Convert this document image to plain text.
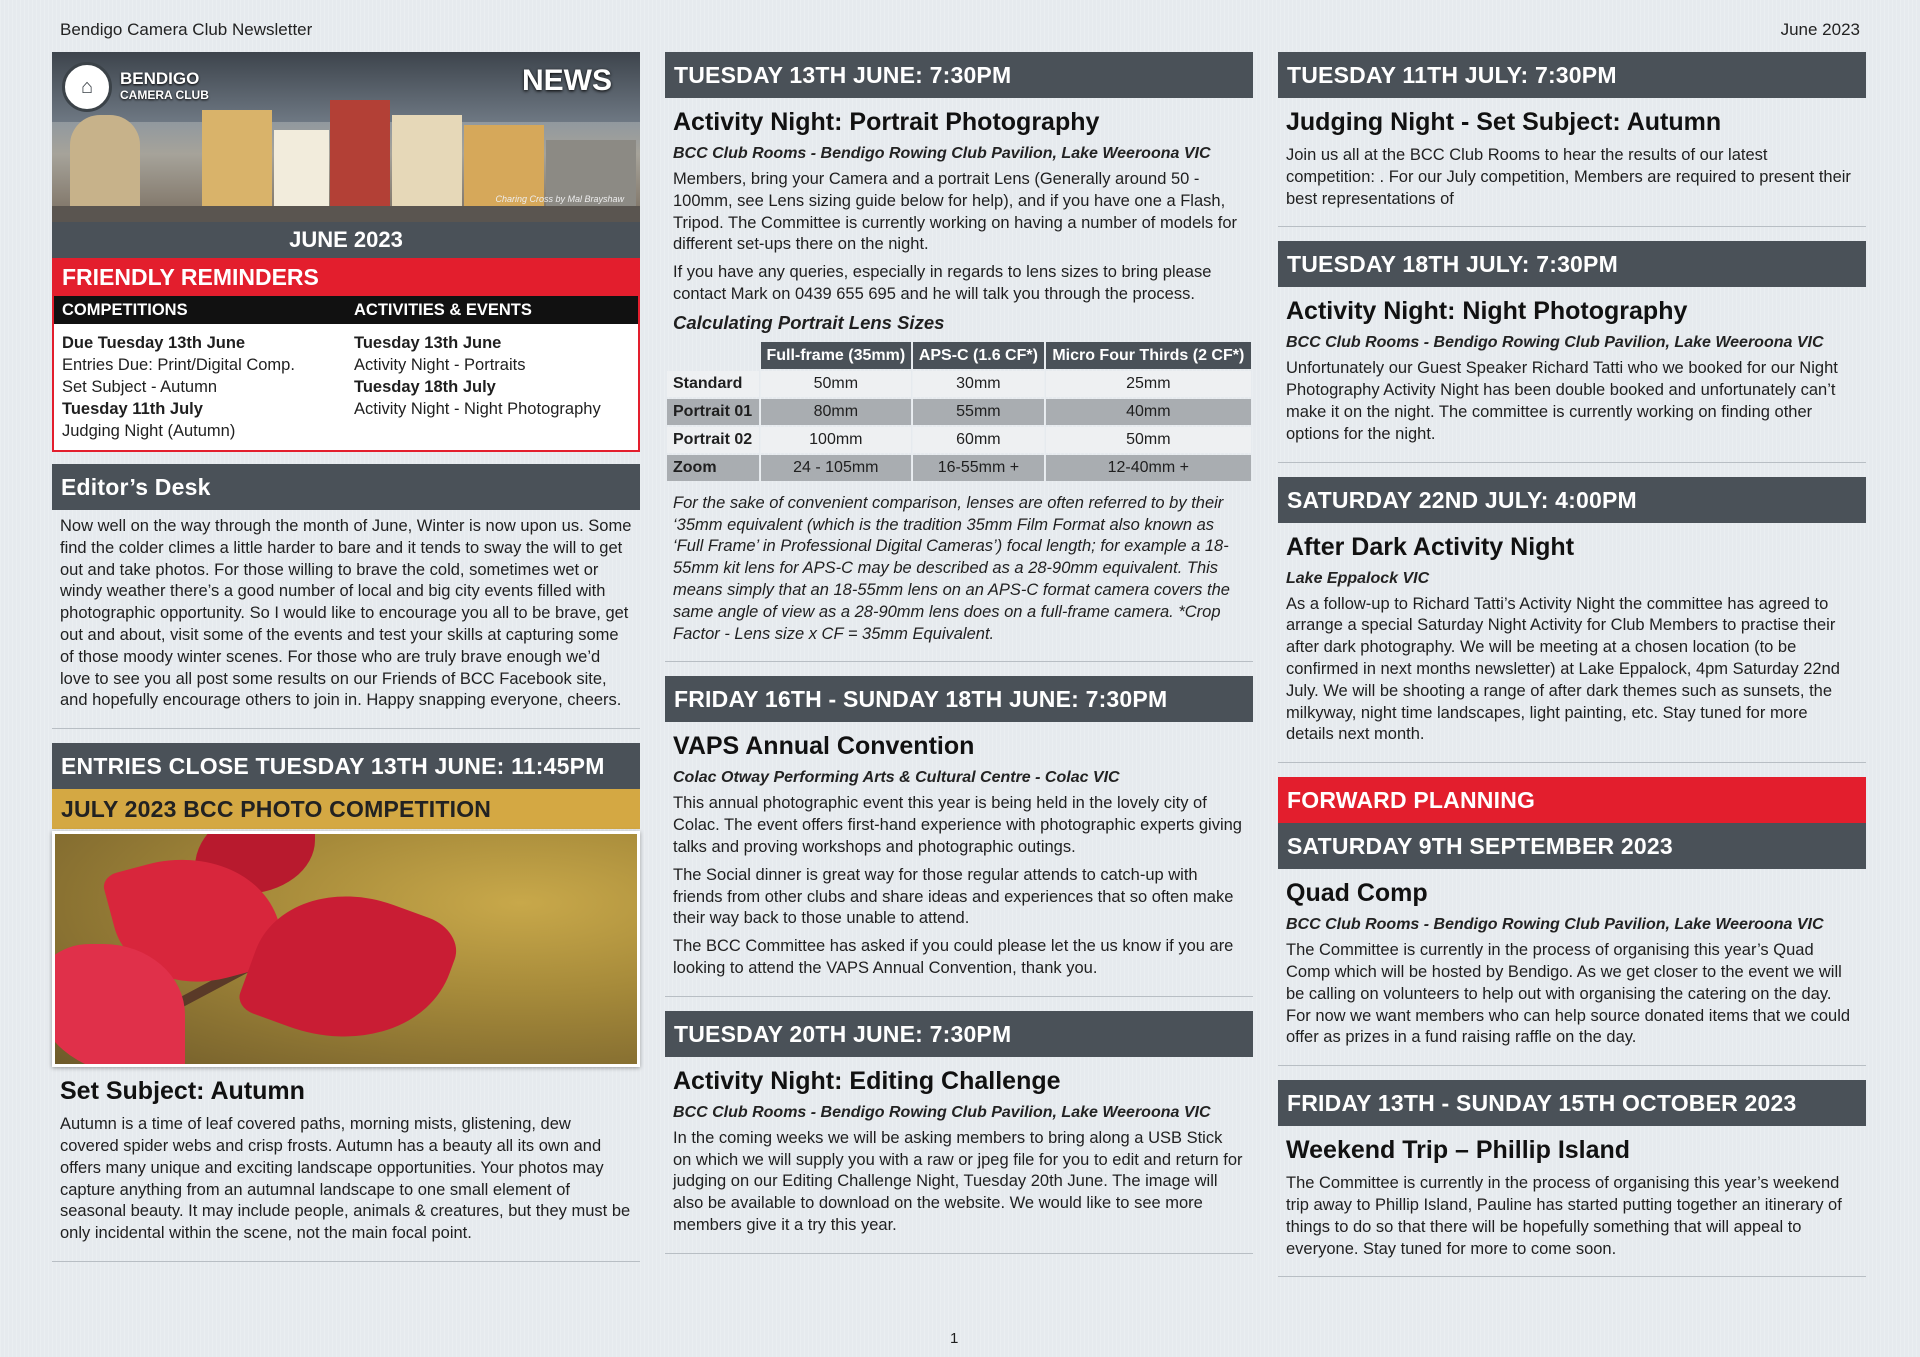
Bendigo Camera Club Newsletter	June 2023
⌂	BENDIGO
CAMERA CLUB	NEWS
Charing Cross by Mal Brayshaw
JUNE 2023
FRIENDLY REMINDERS
COMPETITIONS	ACTIVITIES & EVENTS
Due Tuesday 13th June
Entries Due: Print/Digital Comp.
Set Subject - Autumn
Tuesday 11th July
Judging Night (Autumn)
Tuesday 13th June
Activity Night - Portraits
Tuesday 18th July
Activity Night - Night Photography
Editor’s Desk

Now well on the way through the month of June, Winter is now upon us. Some find the colder climes a little harder to bare and it tends to sway the will to get out and take photos. For those willing to brave the cold, sometimes wet or windy weather there’s a good number of local and big city events filled with photographic opportunity. So I would like to encourage you all to be brave, get out and about, visit some of the events and test your skills at capturing some of those moody winter scenes. For those who are truly brave enough we’d love to see you all post some results on our Friends of BCC Facebook site, and hopefully encourage others to join in. Happy snapping everyone, cheers.

ENTRIES CLOSE TUESDAY 13TH JUNE: 11:45PM
JULY 2023 BCC PHOTO COMPETITION
Set Subject: Autumn

Autumn is a time of leaf covered paths, morning mists, glistening, dew covered spider webs and crisp frosts. Autumn has a beauty all its own and offers many unique and exciting landscape opportunities. Your photos may capture anything from an autumnal landscape to one small element of seasonal beauty. It may include people, animals & creatures, but they must be only incidental within the scene, not the main focal point.

TUESDAY 13TH JUNE: 7:30PM
Activity Night: Portrait Photography
BCC Club Rooms - Bendigo Rowing Club Pavilion, Lake Weeroona VIC

Members, bring your Camera and a portrait Lens (Generally around 50 - 100mm, see Lens sizing guide below for help), and if you have one a Flash, Tripod. The Committee is currently working on having a number of models for different set-ups there on the night.

If you have any queries, especially in regards to lens sizes to bring please contact Mark on 0439 655 695 and he will talk you through the process.

Calculating Portrait Lens Sizes
	Full-frame (35mm)	APS-C (1.6 CF*)	Micro Four Thirds (2 CF*)
Standard	50mm	30mm	25mm
Portrait 01	80mm	55mm	40mm
Portrait 02	100mm	60mm	50mm
Zoom	24 - 105mm	16-55mm +	12-40mm +

For the sake of convenient comparison, lenses are often referred to by their ‘35mm equivalent (which is the tradition 35mm Film Format also known as ‘Full Frame’ in Professional Digital Cameras’) focal length; for example a 18-55mm kit lens for APS-C may be described as a 28-90mm equivalent. This means simply that an 18-55mm lens on an APS-C format camera covers the same angle of view as a 28-90mm lens does on a full-frame camera. *Crop Factor - Lens size x CF = 35mm Equivalent.

FRIDAY 16TH - SUNDAY 18TH JUNE: 7:30PM
VAPS Annual Convention
Colac Otway Performing Arts & Cultural Centre - Colac VIC

This annual photographic event this year is being held in the lovely city of Colac. The event offers first-hand experience with photographic experts giving talks and proving workshops and photographic outings.

The Social dinner is great way for those regular attends to catch-up with friends from other clubs and share ideas and experiences that so often make their way back to those unable to attend.

The BCC Committee has asked if you could please let the us know if you are looking to attend the VAPS Annual Convention, thank you.

TUESDAY 20TH JUNE: 7:30PM
Activity Night: Editing Challenge
BCC Club Rooms - Bendigo Rowing Club Pavilion, Lake Weeroona VIC

In the coming weeks we will be asking members to bring along a USB Stick on which we will supply you with a raw or jpeg file for you to edit and return for judging on our Editing Challenge Night, Tuesday 20th June. The image will also be available to download on the website. We would like to see more members give it a try this year.

TUESDAY 11TH JULY: 7:30PM
Judging Night - Set Subject: Autumn

Join us all at the BCC Club Rooms to hear the results of our latest competition: . For our July competition, Members are required to present their best representations of

TUESDAY 18TH JULY: 7:30PM
Activity Night: Night Photography
BCC Club Rooms - Bendigo Rowing Club Pavilion, Lake Weeroona VIC

Unfortunately our Guest Speaker Richard Tatti who we booked for our Night Photography Activity Night has been double booked and unfortunately can’t make it on the night. The committee is currently working on finding other options for the night.

SATURDAY 22ND JULY: 4:00PM
After Dark Activity Night
Lake Eppalock VIC

As a follow-up to Richard Tatti’s Activity Night the committee has agreed to arrange a special Saturday Night Activity for Club Members to practise their after dark photography. We will be meeting at a chosen location (to be confirmed in next months newsletter) at Lake Eppalock, 4pm Saturday 22nd July. We will be shooting a range of after dark themes such as sunsets, the milkyway, night time landscapes, light painting, etc. Stay tuned for more details next month.

FORWARD PLANNING
SATURDAY 9TH SEPTEMBER 2023
Quad Comp
BCC Club Rooms - Bendigo Rowing Club Pavilion, Lake Weeroona VIC

The Committee is currently in the process of organising this year’s Quad Comp which will be hosted by Bendigo. As we get closer to the event we will be calling on volunteers to help out with organising the catering on the day. For now we want members who can help source donated items that we could offer as prizes in a fund raising raffle on the day.

FRIDAY 13TH - SUNDAY 15TH OCTOBER 2023
Weekend Trip – Phillip Island

The Committee is currently in the process of organising this year’s weekend trip away to Phillip Island, Pauline has started putting together an itinerary of things to do so that there will be hopefully something that will appeal to everyone. Stay tuned for more to come soon.

1
